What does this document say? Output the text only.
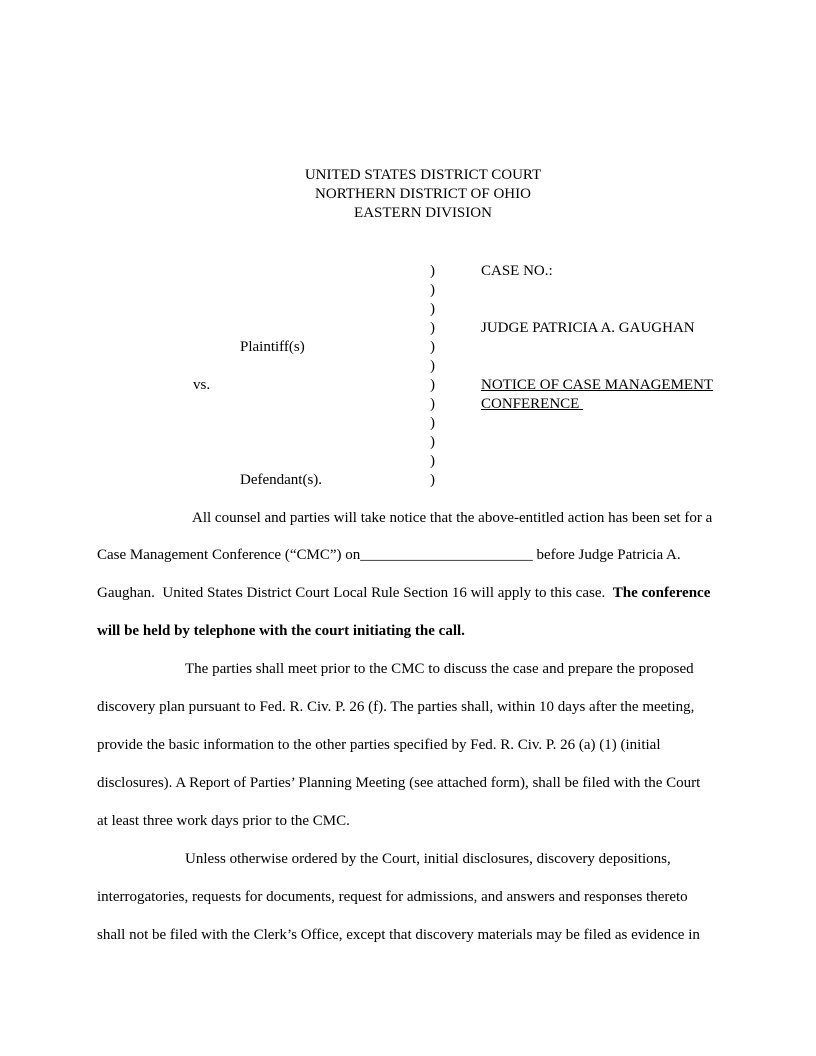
UNITED STATES DISTRICT COURT
NORTHERN DISTRICT OF OHIO
EASTERN DIVISION
)
)
)
)
)
)
)
)
)
)
)
)
Plaintiff(s)
vs.
Defendant(s).
CASE NO.:
JUDGE PATRICIA A. GAUGHAN
NOTICE OF CASE MANAGEMENT
CONFERENCE
All counsel and parties will take notice that the above-entitled action has been set for a
Case Management Conference (“CMC”) on_______________________ before Judge Patricia A.
Gaughan.  United States District Court Local Rule Section 16 will apply to this case.  The conference
will be held by telephone with the court initiating the call.
The parties shall meet prior to the CMC to discuss the case and prepare the proposed
discovery plan pursuant to Fed. R. Civ. P. 26 (f). The parties shall, within 10 days after the meeting,
provide the basic information to the other parties specified by Fed. R. Civ. P. 26 (a) (1) (initial
disclosures). A Report of Parties’ Planning Meeting (see attached form), shall be filed with the Court
at least three work days prior to the CMC.
Unless otherwise ordered by the Court, initial disclosures, discovery depositions,
interrogatories, requests for documents, request for admissions, and answers and responses thereto
shall not be filed with the Clerk’s Office, except that discovery materials may be filed as evidence in
